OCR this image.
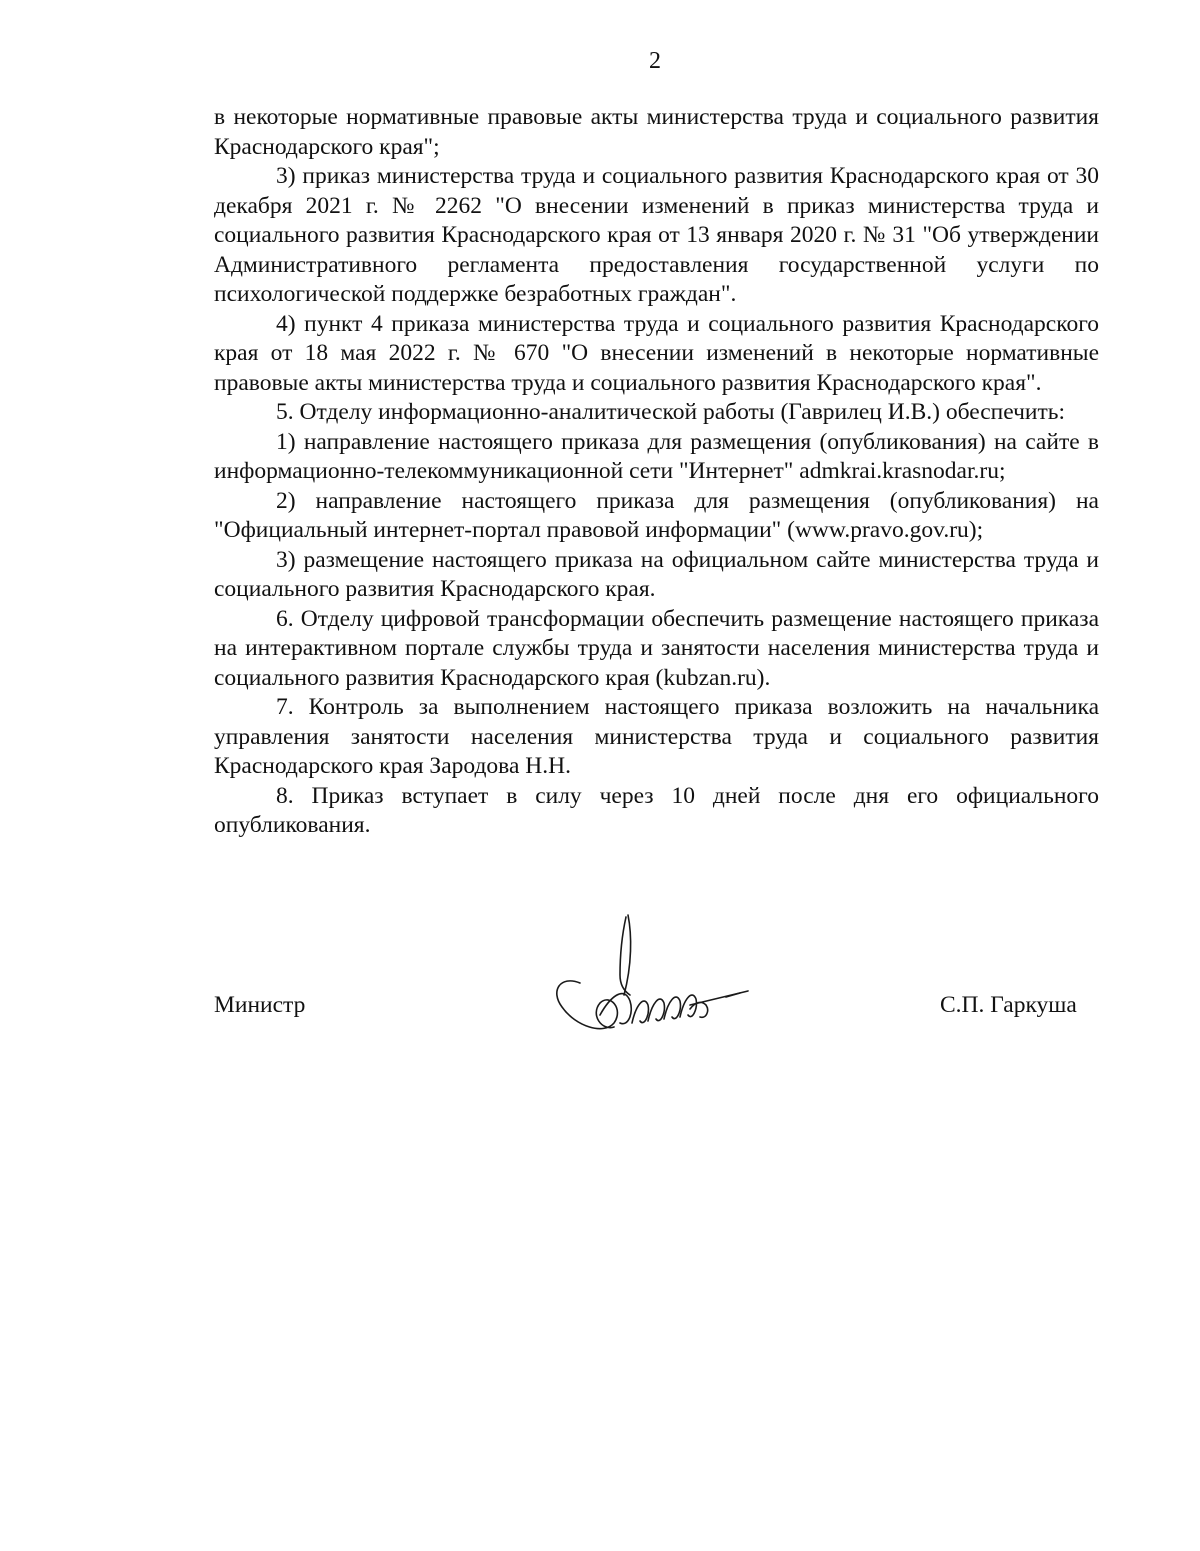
2

в некоторые нормативные правовые акты министерства труда и социального развития Краснодарского края";

3) приказ министерства труда и социального развития Краснодарского края от 30 декабря 2021 г. № 2262 "О внесении изменений в приказ министерства труда и социального развития Краснодарского края от 13 января 2020 г. № 31 "Об утверждении Административного регламента предоставления государственной услуги по психологической поддержке безработных граждан".

4) пункт 4 приказа министерства труда и социального развития Краснодарского края от 18 мая 2022 г. № 670 "О внесении изменений в некоторые нормативные правовые акты министерства труда и социального развития Краснодарского края".

5. Отделу информационно-аналитической работы (Гаврилец И.В.) обеспечить:

1) направление настоящего приказа для размещения (опубликования) на сайте в информационно-телекоммуникационной сети "Интернет" admkrai.krasnodar.ru;

2) направление настоящего приказа для размещения (опубликования) на "Официальный интернет-портал правовой информации" (www.pravo.gov.ru);

3) размещение настоящего приказа на официальном сайте министерства труда и социального развития Краснодарского края.

6. Отделу цифровой трансформации обеспечить размещение настоящего приказа на интерактивном портале службы труда и занятости населения министерства труда и социального развития Краснодарского края (kubzan.ru).

7. Контроль за выполнением настоящего приказа возложить на начальника управления занятости населения министерства труда и социального развития Краснодарского края Зародова Н.Н.

8. Приказ вступает в силу через 10 дней после дня его официального опубликования.

Министр	С.П. Гаркуша
